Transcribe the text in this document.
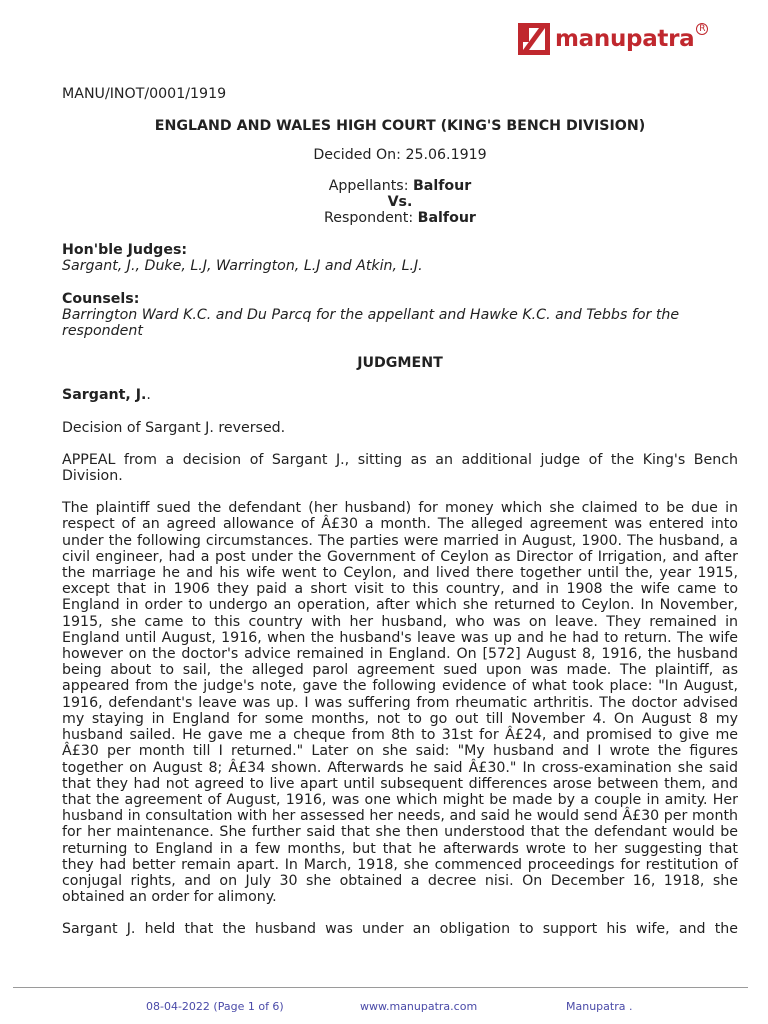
manupatra R

MANU/INOT/0001/1919

ENGLAND AND WALES HIGH COURT (KING'S BENCH DIVISION)

Decided On: 25.06.1919

Appellants: Balfour

Vs.

Respondent: Balfour

Hon'ble Judges:

Sargant, J., Duke, L.J, Warrington, L.J and Atkin, L.J.

Counsels:

Barrington Ward K.C. and Du Parcq for the appellant and Hawke K.C. and Tebbs for the respondent

JUDGMENT

Sargant, J..

Decision of Sargant J. reversed.

APPEAL from a decision of Sargant J., sitting as an additional judge of the King's Bench Division.

The plaintiff sued the defendant (her husband) for money which she claimed to be due in respect of an agreed allowance of Â£30 a month. The alleged agreement was entered into under the following circumstances. The parties were married in August, 1900. The husband, a civil engineer, had a post under the Government of Ceylon as Director of Irrigation, and after the marriage he and his wife went to Ceylon, and lived there together until the, year 1915, except that in 1906 they paid a short visit to this country, and in 1908 the wife came to England in order to undergo an operation, after which she returned to Ceylon. In November, 1915, she came to this country with her husband, who was on leave. They remained in England until August, 1916, when the husband's leave was up and he had to return. The wife however on the doctor's advice remained in England. On [572] August 8, 1916, the husband being about to sail, the alleged parol agreement sued upon was made. The plaintiff, as appeared from the judge's note, gave the following evidence of what took place: "In August, 1916, defendant's leave was up. I was suffering from rheumatic arthritis. The doctor advised my staying in England for some months, not to go out till November 4. On August 8 my husband sailed. He gave me a cheque from 8th to 31st for Â£24, and promised to give me Â£30 per month till I returned." Later on she said: "My husband and I wrote the figures together on August 8; Â£34 shown. Afterwards he said Â£30." In cross-examination she said that they had not agreed to live apart until subsequent differences arose between them, and that the agreement of August, 1916, was one which might be made by a couple in amity. Her husband in consultation with her assessed her needs, and said he would send Â£30 per month for her maintenance. She further said that she then understood that the defendant would be returning to England in a few months, but that he afterwards wrote to her suggesting that they had better remain apart. In March, 1918, she commenced proceedings for restitution of conjugal rights, and on July 30 she obtained a decree nisi. On December 16, 1918, she obtained an order for alimony.

Sargant J. held that the husband was under an obligation to support his wife, and the

08-04-2022 (Page 1 of 6)	www.manupatra.com	Manupatra .
